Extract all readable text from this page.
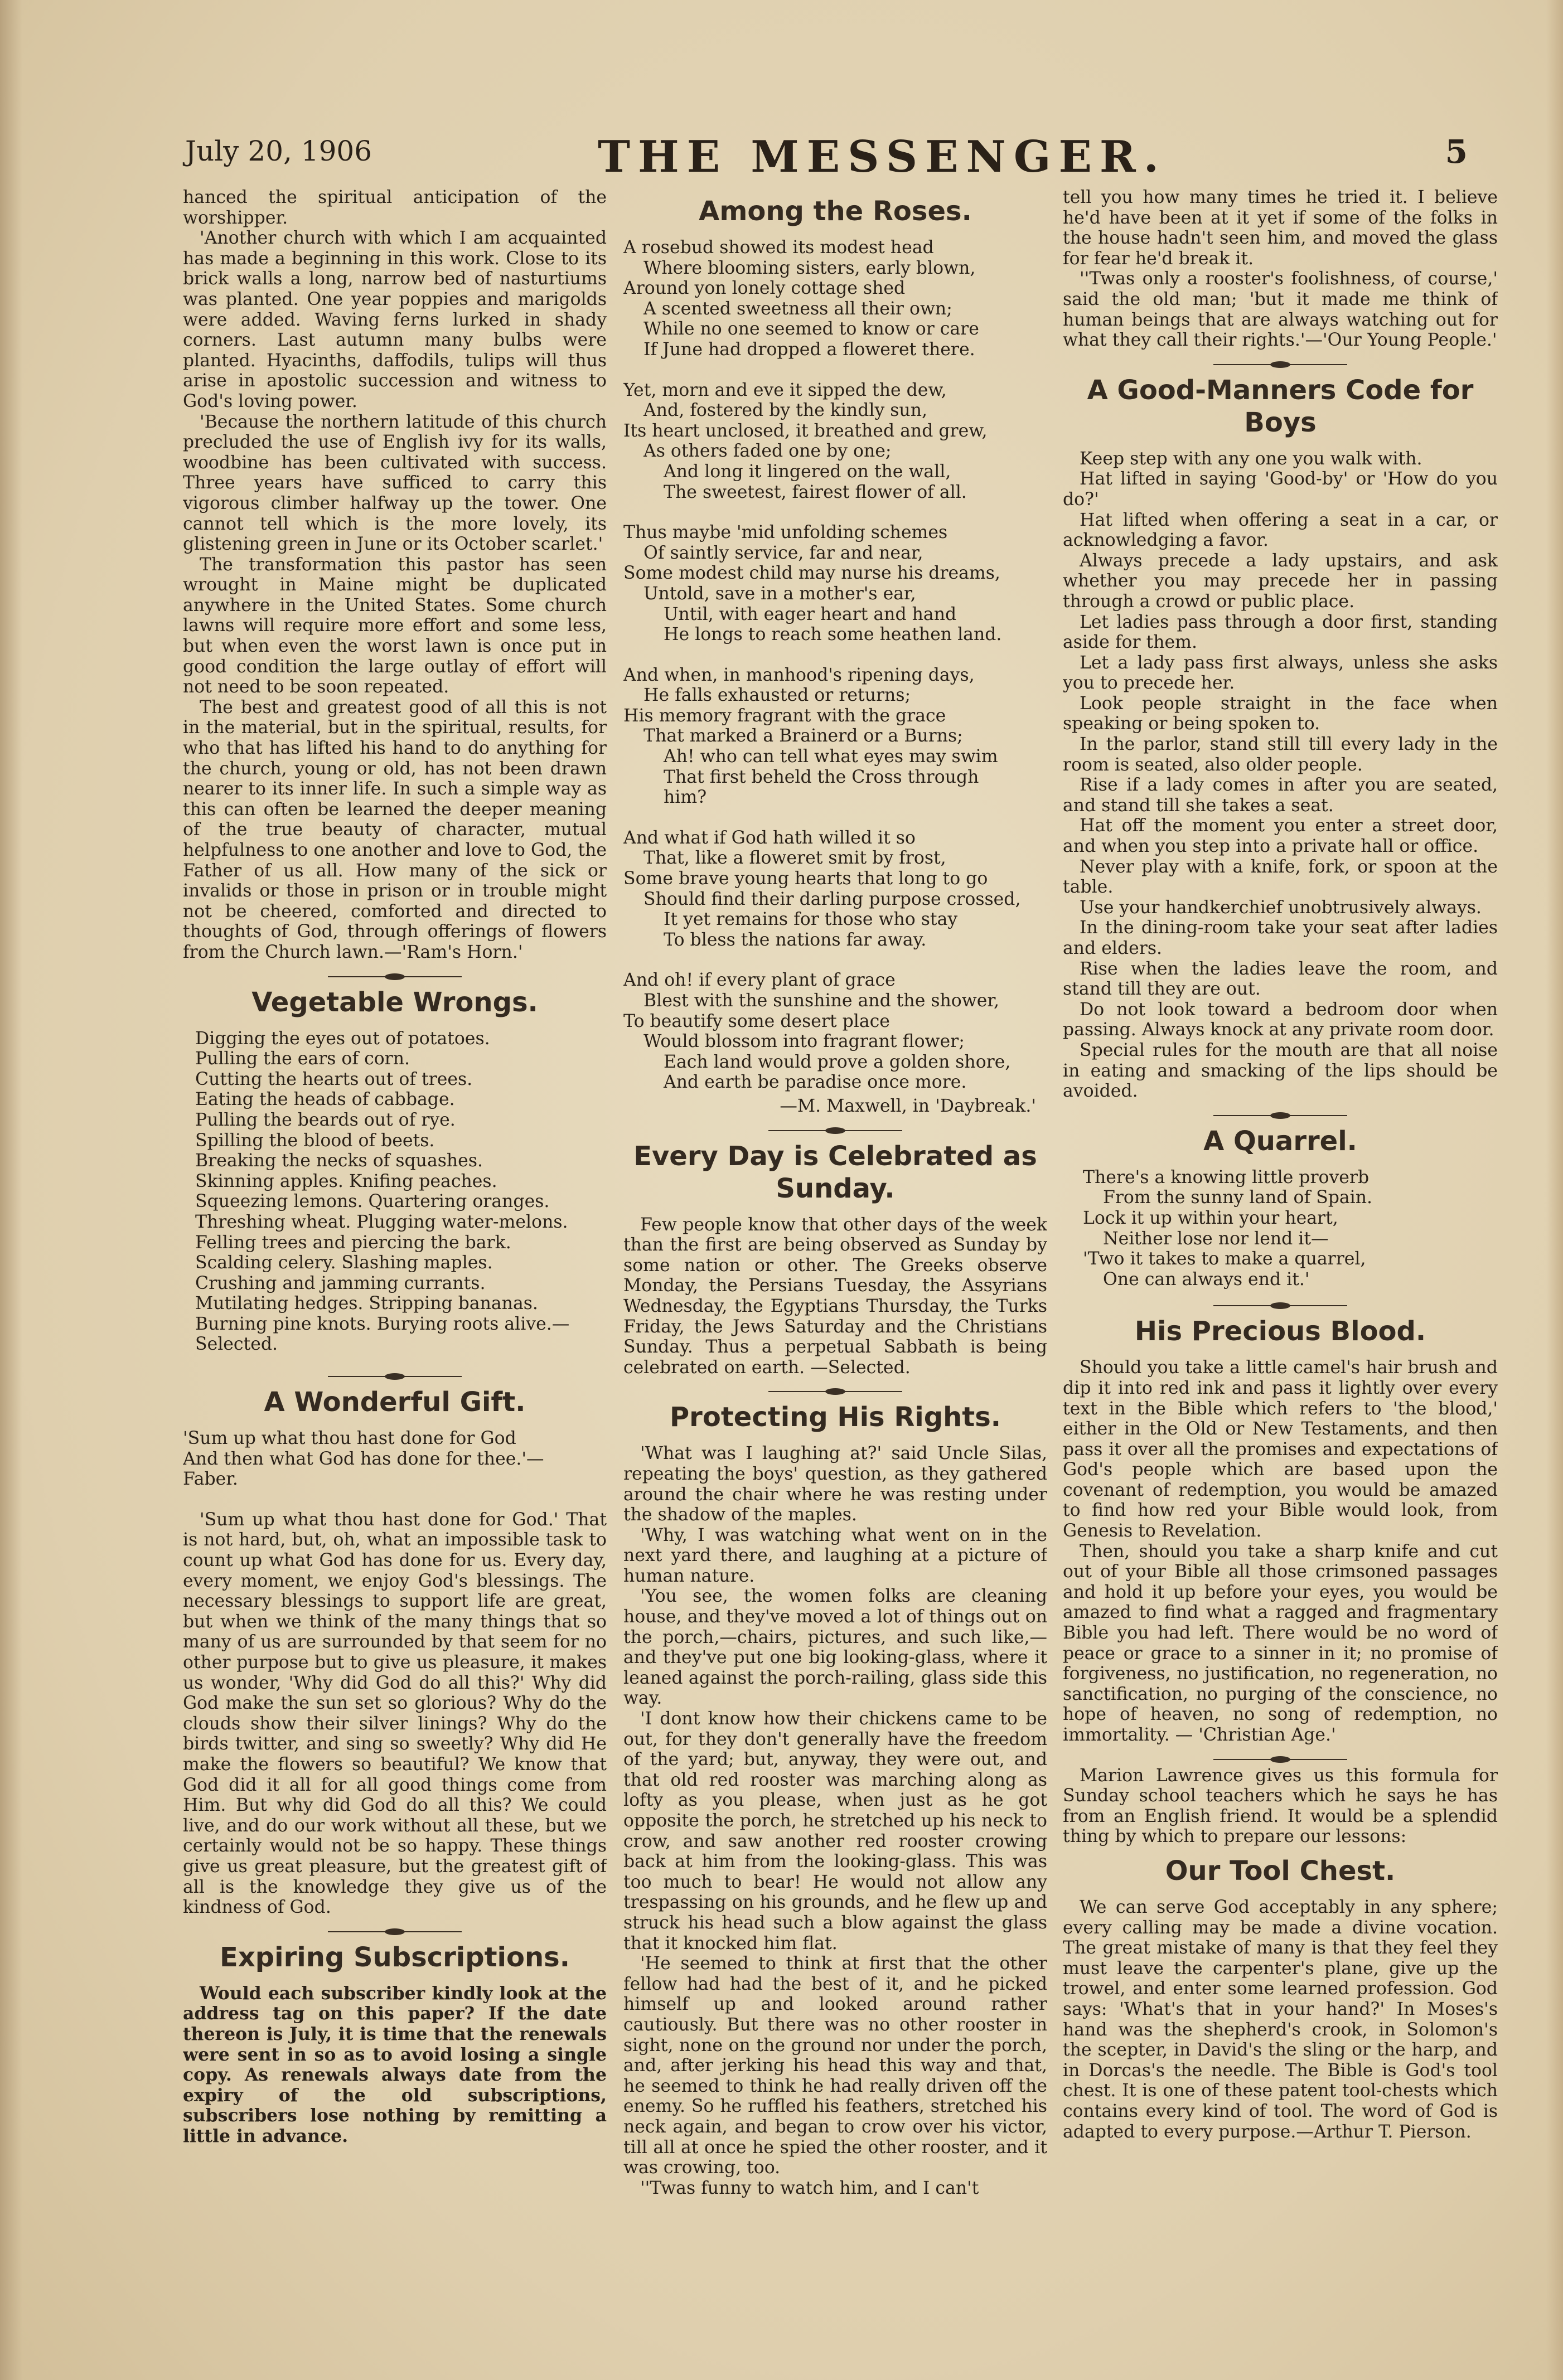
July 20, 1906	THE MESSENGER.	5

hanced the spiritual anticipation of the worshipper.

'Another church with which I am acquainted has made a beginning in this work. Close to its brick walls a long, narrow bed of nasturtiums was planted. One year poppies and marigolds were added. Waving ferns lurked in shady corners. Last autumn many bulbs were planted. Hyacinths, daffodils, tulips will thus arise in apostolic succession and witness to God's loving power.

'Because the northern latitude of this church precluded the use of English ivy for its walls, woodbine has been cultivated with success. Three years have sufficed to carry this vigorous climber halfway up the tower. One cannot tell which is the more lovely, its glistening green in June or its October scarlet.'

The transformation this pastor has seen wrought in Maine might be duplicated anywhere in the United States. Some church lawns will require more effort and some less, but when even the worst lawn is once put in good condition the large outlay of effort will not need to be soon repeated.

The best and greatest good of all this is not in the material, but in the spiritual, results, for who that has lifted his hand to do anything for the church, young or old, has not been drawn nearer to its inner life. In such a simple way as this can often be learned the deeper meaning of the true beauty of character, mutual helpfulness to one another and love to God, the Father of us all. How many of the sick or invalids or those in prison or in trouble might not be cheered, comforted and directed to thoughts of God, through offerings of flowers from the Church lawn.—'Ram's Horn.'

Vegetable Wrongs.
Digging the eyes out of potatoes.
Pulling the ears of corn.
Cutting the hearts out of trees.
Eating the heads of cabbage.
Pulling the beards out of rye.
Spilling the blood of beets.
Breaking the necks of squashes.
Skinning apples. Knifing peaches.
Squeezing lemons. Quartering oranges.
Threshing wheat. Plugging water-melons.
Felling trees and piercing the bark.
Scalding celery. Slashing maples.
Crushing and jamming currants.
Mutilating hedges. Stripping bananas.
Burning pine knots. Burying roots alive.—
Selected.
A Wonderful Gift.
'Sum up what thou hast done for God
And then what God has done for thee.'—
Faber.

'Sum up what thou hast done for God.' That is not hard, but, oh, what an impossible task to count up what God has done for us. Every day, every moment, we enjoy God's blessings. The necessary blessings to support life are great, but when we think of the many things that so many of us are surrounded by that seem for no other purpose but to give us pleasure, it makes us wonder, 'Why did God do all this?' Why did God make the sun set so glorious? Why do the clouds show their silver linings? Why do the birds twitter, and sing so sweetly? Why did He make the flowers so beautiful? We know that God did it all for all good things come from Him. But why did God do all this? We could live, and do our work without all these, but we certainly would not be so happy. These things give us great pleasure, but the greatest gift of all is the knowledge they give us of the kindness of God.

Expiring Subscriptions.

Would each subscriber kindly look at the address tag on this paper? If the date thereon is July, it is time that the renewals were sent in so as to avoid losing a single copy. As renewals always date from the expiry of the old subscriptions, subscribers lose nothing by remitting a little in advance.

Among the Roses.
A rosebud showed its modest head
Where blooming sisters, early blown,
Around yon lonely cottage shed
A scented sweetness all their own;
While no one seemed to know or care
If June had dropped a floweret there.
Yet, morn and eve it sipped the dew,
And, fostered by the kindly sun,
Its heart unclosed, it breathed and grew,
As others faded one by one;
And long it lingered on the wall,
The sweetest, fairest flower of all.
Thus maybe 'mid unfolding schemes
Of saintly service, far and near,
Some modest child may nurse his dreams,
Untold, save in a mother's ear,
Until, with eager heart and hand
He longs to reach some heathen land.
And when, in manhood's ripening days,
He falls exhausted or returns;
His memory fragrant with the grace
That marked a Brainerd or a Burns;
Ah! who can tell what eyes may swim
That first beheld the Cross through
him?
And what if God hath willed it so
That, like a floweret smit by frost,
Some brave young hearts that long to go
Should find their darling purpose crossed,
It yet remains for those who stay
To bless the nations far away.
And oh! if every plant of grace
Blest with the sunshine and the shower,
To beautify some desert place
Would blossom into fragrant flower;
Each land would prove a golden shore,
And earth be paradise once more.
—M. Maxwell, in 'Daybreak.'
Every Day is Celebrated as Sunday.

Few people know that other days of the week than the first are being observed as Sunday by some nation or other. The Greeks observe Monday, the Persians Tuesday, the Assyrians Wednesday, the Egyptians Thursday, the Turks Friday, the Jews Saturday and the Christians Sunday. Thus a perpetual Sabbath is being celebrated on earth. —Selected.

Protecting His Rights.

'What was I laughing at?' said Uncle Silas, repeating the boys' question, as they gathered around the chair where he was resting under the shadow of the maples.

'Why, I was watching what went on in the next yard there, and laughing at a picture of human nature.

'You see, the women folks are cleaning house, and they've moved a lot of things out on the porch,—chairs, pictures, and such like,—and they've put one big looking-glass, where it leaned against the porch-railing, glass side this way.

'I dont know how their chickens came to be out, for they don't generally have the freedom of the yard; but, anyway, they were out, and that old red rooster was marching along as lofty as you please, when just as he got opposite the porch, he stretched up his neck to crow, and saw another red rooster crowing back at him from the looking-glass. This was too much to bear! He would not allow any trespassing on his grounds, and he flew up and struck his head such a blow against the glass that it knocked him flat.

'He seemed to think at first that the other fellow had had the best of it, and he picked himself up and looked around rather cautiously. But there was no other rooster in sight, none on the ground nor under the porch, and, after jerking his head this way and that, he seemed to think he had really driven off the enemy. So he ruffled his feathers, stretched his neck again, and began to crow over his victor, till all at once he spied the other rooster, and it was crowing, too.

''Twas funny to watch him, and I can't

tell you how many times he tried it. I believe he'd have been at it yet if some of the folks in the house hadn't seen him, and moved the glass for fear he'd break it.

''Twas only a rooster's foolishness, of course,' said the old man; 'but it made me think of human beings that are always watching out for what they call their rights.'—'Our Young People.'

A Good-Manners Code for Boys

Keep step with any one you walk with.

Hat lifted in saying 'Good-by' or 'How do you do?'

Hat lifted when offering a seat in a car, or acknowledging a favor.

Always precede a lady upstairs, and ask whether you may precede her in passing through a crowd or public place.

Let ladies pass through a door first, standing aside for them.

Let a lady pass first always, unless she asks you to precede her.

Look people straight in the face when speaking or being spoken to.

In the parlor, stand still till every lady in the room is seated, also older people.

Rise if a lady comes in after you are seated, and stand till she takes a seat.

Hat off the moment you enter a street door, and when you step into a private hall or office.

Never play with a knife, fork, or spoon at the table.

Use your handkerchief unobtrusively always.

In the dining-room take your seat after ladies and elders.

Rise when the ladies leave the room, and stand till they are out.

Do not look toward a bedroom door when passing. Always knock at any private room door.

Special rules for the mouth are that all noise in eating and smacking of the lips should be avoided.

A Quarrel.
There's a knowing little proverb
From the sunny land of Spain.
Lock it up within your heart,
Neither lose nor lend it—
'Two it takes to make a quarrel,
One can always end it.'
His Precious Blood.

Should you take a little camel's hair brush and dip it into red ink and pass it lightly over every text in the Bible which refers to 'the blood,' either in the Old or New Testaments, and then pass it over all the promises and expectations of God's people which are based upon the covenant of redemption, you would be amazed to find how red your Bible would look, from Genesis to Revelation.

Then, should you take a sharp knife and cut out of your Bible all those crimsoned passages and hold it up before your eyes, you would be amazed to find what a ragged and fragmentary Bible you had left. There would be no word of peace or grace to a sinner in it; no promise of forgiveness, no justification, no regeneration, no sanctification, no purging of the conscience, no hope of heaven, no song of redemption, no immortality. — 'Christian Age.'

Marion Lawrence gives us this formula for Sunday school teachers which he says he has from an English friend. It would be a splendid thing by which to prepare our lessons:

Our Tool Chest.

We can serve God acceptably in any sphere; every calling may be made a divine vocation. The great mistake of many is that they feel they must leave the carpenter's plane, give up the trowel, and enter some learned profession. God says: 'What's that in your hand?' In Moses's hand was the shepherd's crook, in Solomon's the scepter, in David's the sling or the harp, and in Dorcas's the needle. The Bible is God's tool chest. It is one of these patent tool-chests which contains every kind of tool. The word of God is adapted to every purpose.—Arthur T. Pierson.
